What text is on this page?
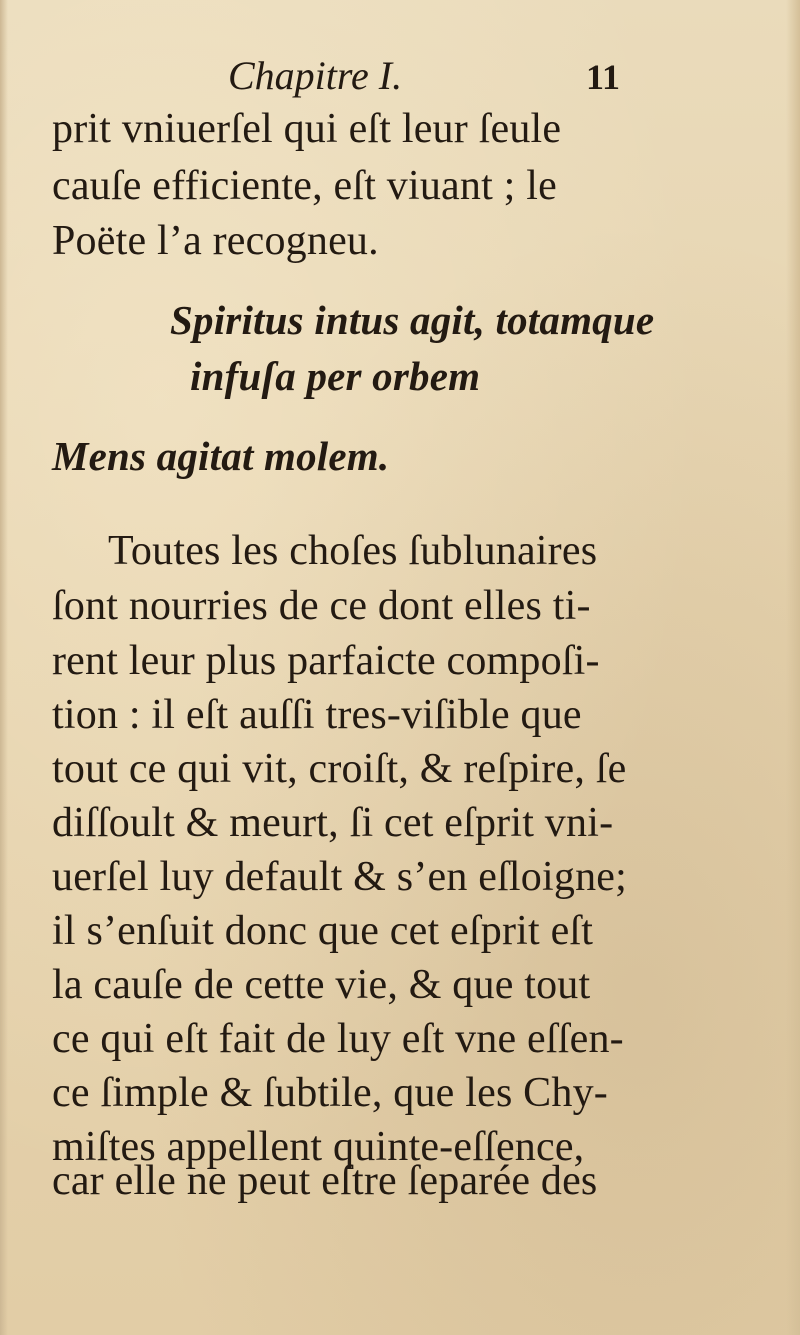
Chapitre I.	11
prit vniuerſel qui eſt leur ſeule
cauſe efficiente, eſt viuant ; le
Poëte l’a recogneu.
Spiritus intus agit, totamque
infuſa per orbem
Mens agitat molem.
Toutes les choſes ſublunaires
ſont nourries de ce dont elles ti-
rent leur plus parfaicte compoſi-
tion : il eſt auſſi tres-viſible que
tout ce qui vit, croiſt, & reſpire, ſe
diſſoult & meurt, ſi cet eſprit vni-
uerſel luy default & s’en eſloigne;
il s’enſuit donc que cet eſprit eſt
la cauſe de cette vie, & que tout
ce qui eſt fait de luy eſt vne eſſen-
ce ſimple & ſubtile, que les Chy-
miſtes appellent quinte-eſſence,
car elle ne peut eſtre ſeparée des
